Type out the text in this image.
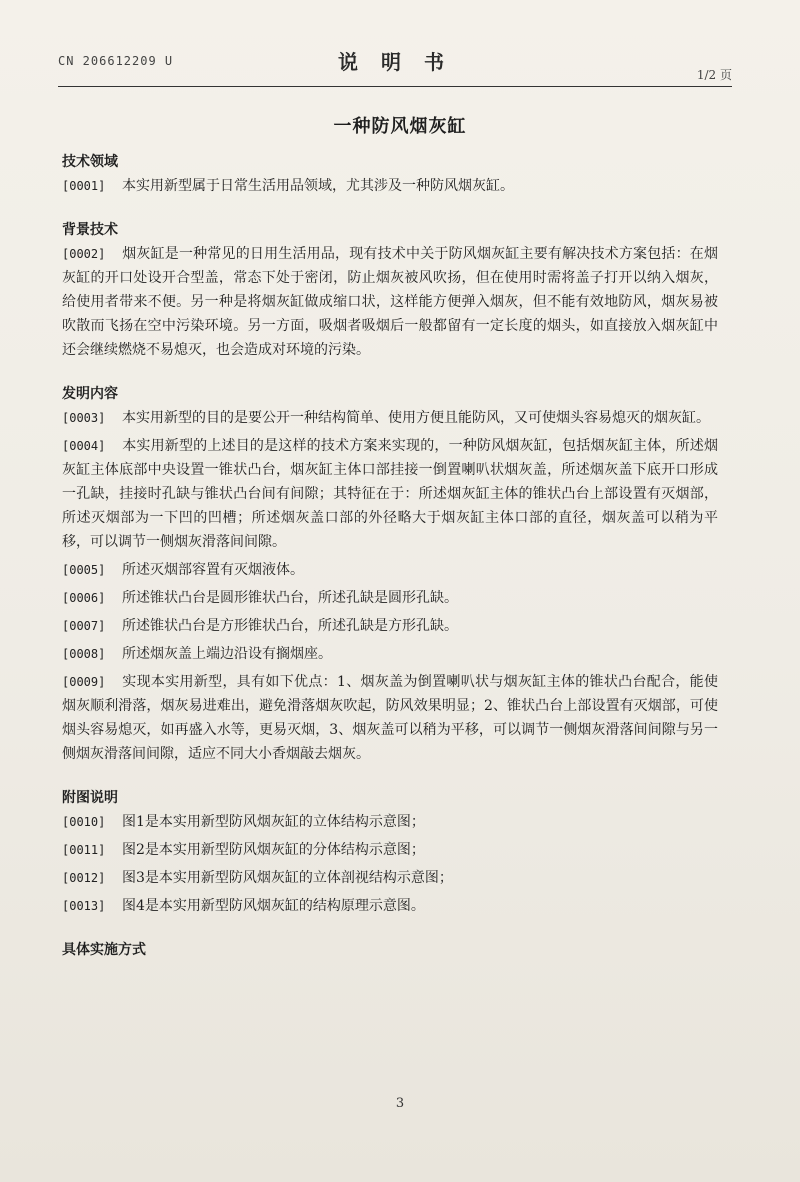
CN 206612209 U	说 明 书
1/2 页
一种防风烟灰缸

技术领域

[0001] 本实用新型属于日常生活用品领域，尤其涉及一种防风烟灰缸。

背景技术

[0002] 烟灰缸是一种常见的日用生活用品，现有技术中关于防风烟灰缸主要有解决技术方案包括：在烟灰缸的开口处设开合型盖，常态下处于密闭，防止烟灰被风吹扬，但在使用时需将盖子打开以纳入烟灰，给使用者带来不便。另一种是将烟灰缸做成缩口状，这样能方便弹入烟灰，但不能有效地防风，烟灰易被吹散而飞扬在空中污染环境。另一方面，吸烟者吸烟后一般都留有一定长度的烟头，如直接放入烟灰缸中还会继续燃烧不易熄灭，也会造成对环境的污染。

发明内容

[0003] 本实用新型的目的是要公开一种结构简单、使用方便且能防风，又可使烟头容易熄灭的烟灰缸。

[0004] 本实用新型的上述目的是这样的技术方案来实现的，一种防风烟灰缸，包括烟灰缸主体，所述烟灰缸主体底部中央设置一锥状凸台，烟灰缸主体口部挂接一倒置喇叭状烟灰盖，所述烟灰盖下底开口形成一孔缺，挂接时孔缺与锥状凸台间有间隙；其特征在于：所述烟灰缸主体的锥状凸台上部设置有灭烟部，所述灭烟部为一下凹的凹槽；所述烟灰盖口部的外径略大于烟灰缸主体口部的直径，烟灰盖可以稍为平移，可以调节一侧烟灰滑落间间隙。

[0005] 所述灭烟部容置有灭烟液体。

[0006] 所述锥状凸台是圆形锥状凸台，所述孔缺是圆形孔缺。

[0007] 所述锥状凸台是方形锥状凸台，所述孔缺是方形孔缺。

[0008] 所述烟灰盖上端边沿设有搁烟座。

[0009] 实现本实用新型，具有如下优点：1、烟灰盖为倒置喇叭状与烟灰缸主体的锥状凸台配合，能使烟灰顺利滑落，烟灰易进难出，避免滑落烟灰吹起，防风效果明显；2、锥状凸台上部设置有灭烟部，可使烟头容易熄灭，如再盛入水等，更易灭烟，3、烟灰盖可以稍为平移，可以调节一侧烟灰滑落间间隙与另一侧烟灰滑落间间隙，适应不同大小香烟敲去烟灰。

附图说明

[0010] 图1是本实用新型防风烟灰缸的立体结构示意图；

[0011] 图2是本实用新型防风烟灰缸的分体结构示意图；

[0012] 图3是本实用新型防风烟灰缸的立体剖视结构示意图；

[0013] 图4是本实用新型防风烟灰缸的结构原理示意图。

具体实施方式

3
